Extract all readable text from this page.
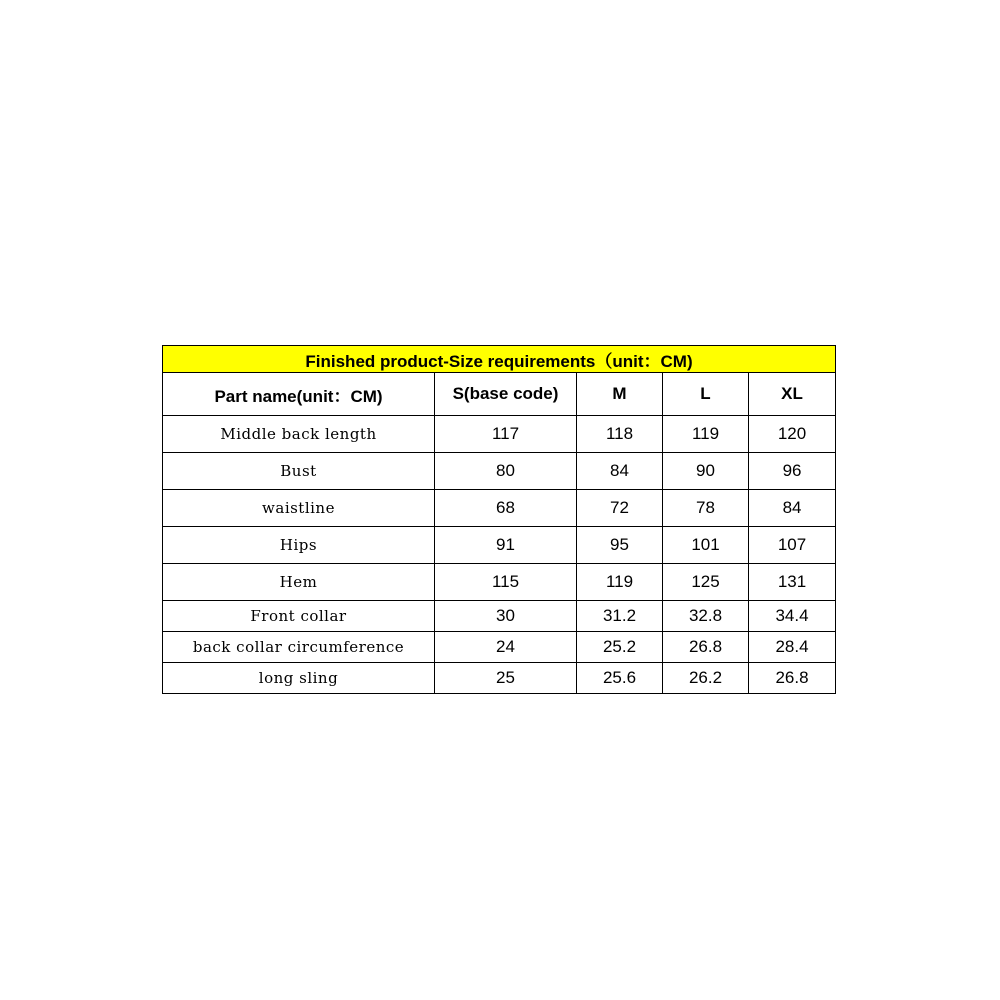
Finished product-Size requirements（unit：CM)				
Part name(unit：CM)	S(base code)	M	L	XL
Middle back length	117	118	119	120
Bust	80	84	90	96
waistline	68	72	78	84
Hips	91	95	101	107
Hem	115	119	125	131
Front collar	30	31.2	32.8	34.4
back collar circumference	24	25.2	26.8	28.4
long sling	25	25.6	26.2	26.8
